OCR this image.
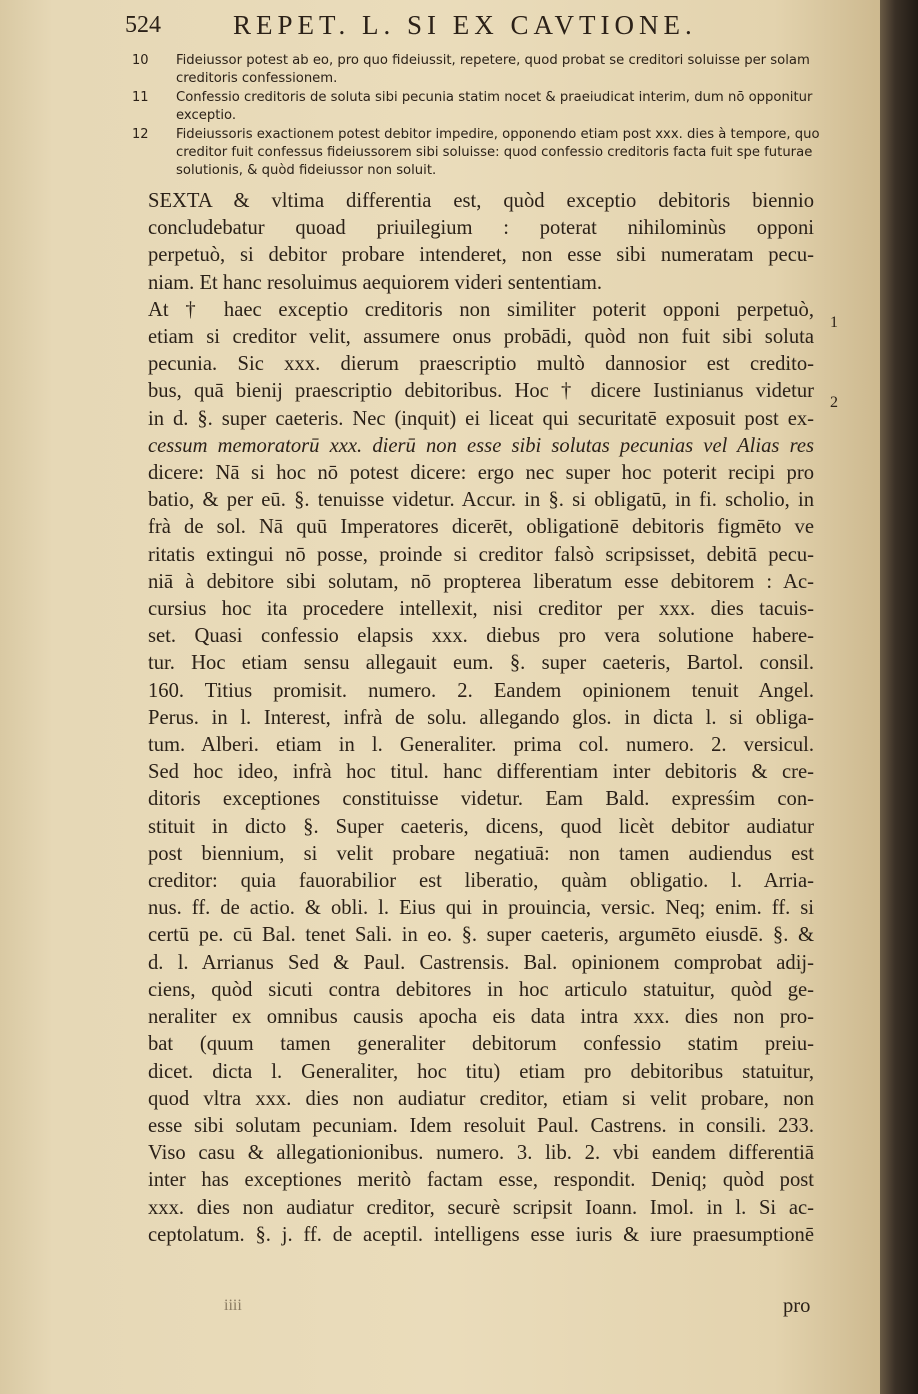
524	REPET. L. SI EX CAVTIONE.
10 Fideiussor potest ab eo, pro quo fideiussit, repetere, quod probat se creditori soluisse per solam creditoris confessionem.
11 Confessio creditoris de soluta sibi pecunia statim nocet & praeiudicat interim, dum nō opponitur exceptio.
12 Fideiussoris exactionem potest debitor impedire, opponendo etiam post xxx. dies à tempore, quo creditor fuit confessus fideiussorem sibi soluisse: quod confessio creditoris facta fuit spe futurae solutionis, & quòd fideiussor non soluit.
SEXTA & vltima differentia est, quòd exceptio debitoris biennio
concludebatur quoad priuilegium : poterat nihilominùs opponi
perpetuò, si debitor probare intenderet, non esse sibi numeratam pecu-
niam. Et hanc resoluimus aequiorem videri sententiam.
At † haec exceptio creditoris non similiter poterit opponi perpetuò,
etiam si creditor velit, assumere onus probādi, quòd non fuit sibi soluta
pecunia. Sic xxx. dierum praescriptio multò dannosior est credito-
bus, quā bienij praescriptio debitoribus. Hoc † dicere Iustinianus videtur
in d. §. super caeteris. Nec (inquit) ei liceat qui securitatē exposuit post ex-
cessum memoratorū xxx. dierū non esse sibi solutas pecunias vel Alias res
dicere: Nā si hoc nō potest dicere: ergo nec super hoc poterit recipi pro
batio, & per eū. §. tenuisse videtur. Accur. in §. si obligatū, in fi. scholio, in
frà de sol. Nā quū Imperatores dicerēt, obligationē debitoris figmēto ve
ritatis extingui nō posse, proinde si creditor falsò scripsisset, debitā pecu-
niā à debitore sibi solutam, nō propterea liberatum esse debitorem : Ac-
cursius hoc ita procedere intellexit, nisi creditor per xxx. dies tacuis-
set. Quasi confessio elapsis xxx. diebus pro vera solutione habere-
tur. Hoc etiam sensu allegauit eum. §. super caeteris, Bartol. consil.
160. Titius promisit. numero. 2. Eandem opinionem tenuit Angel.
Perus. in l. Interest, infrà de solu. allegando glos. in dicta l. si obliga-
tum. Alberi. etiam in l. Generaliter. prima col. numero. 2. versicul.
Sed hoc ideo, infrà hoc titul. hanc differentiam inter debitoris & cre-
ditoris exceptiones constituisse videtur. Eam Bald. expresśim con-
stituit in dicto §. Super caeteris, dicens, quod licèt debitor audiatur
post biennium, si velit probare negatiuā: non tamen audiendus est
creditor: quia fauorabilior est liberatio, quàm obligatio. l. Arria-
nus. ff. de actio. & obli. l. Eius qui in prouincia, versic. Neq; enim. ff. si
certū pe. cū Bal. tenet Sali. in eo. §. super caeteris, argumēto eiusdē. §. &
d. l. Arrianus Sed & Paul. Castrensis. Bal. opinionem comprobat adij-
ciens, quòd sicuti contra debitores in hoc articulo statuitur, quòd ge-
neraliter ex omnibus causis apocha eis data intra xxx. dies non pro-
bat (quum tamen generaliter debitorum confessio statim preiu-
dicet. dicta l. Generaliter, hoc titu) etiam pro debitoribus statuitur,
quod vltra xxx. dies non audiatur creditor, etiam si velit probare, non
esse sibi solutam pecuniam. Idem resoluit Paul. Castrens. in consili. 233.
Viso casu & allegationionibus. numero. 3. lib. 2. vbi eandem differentiā
inter has exceptiones meritò factam esse, respondit. Deniq; quòd post
xxx. dies non audiatur creditor, securè scripsit Ioann. Imol. in l. Si ac-
ceptolatum. §. j. ff. de aceptil. intelligens esse iuris & iure praesumptionē
1
2
iiii	pro
